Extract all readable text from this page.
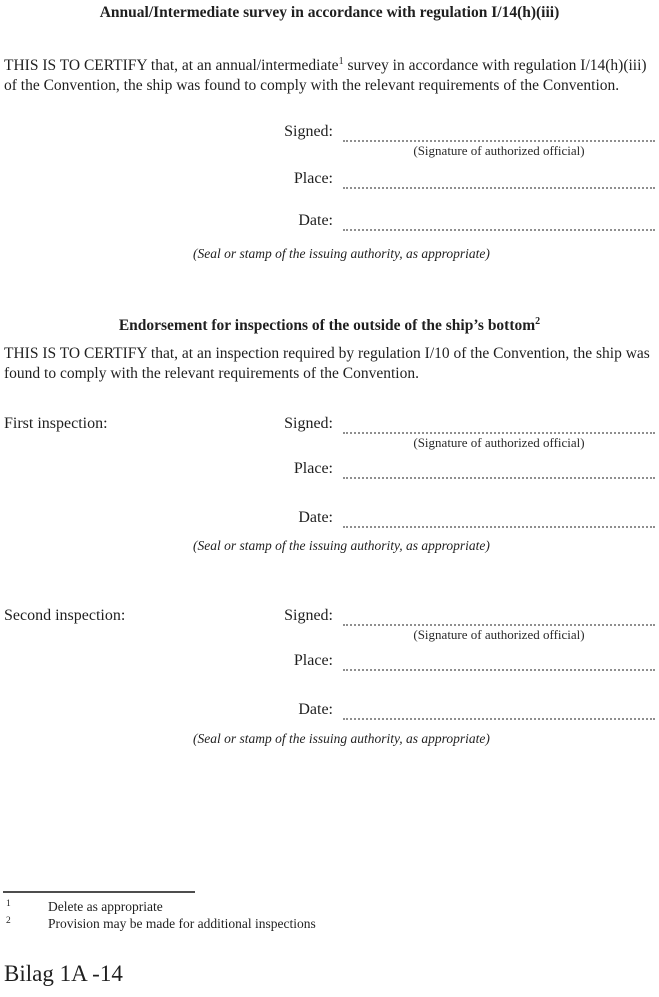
Annual/Intermediate survey in accordance with regulation I/14(h)(iii)
THIS IS TO CERTIFY that, at an annual/intermediate$^1$ survey in accordance with regulation I/14(h)(iii) of the Convention, the ship was found to comply with the relevant requirements of the Convention.
Signed:
(Signature of authorized official)
Place:
Date:
(Seal or stamp of the issuing authority, as appropriate)
Endorsement for inspections of the outside of the ship’s bottom$^2$
THIS IS TO CERTIFY that, at an inspection required by regulation I/10 of the Convention, the ship was found to comply with the relevant requirements of the Convention.
First inspection:	Signed:
(Signature of authorized official)
Place:
Date:
(Seal or stamp of the issuing authority, as appropriate)
Second inspection:	Signed:
(Signature of authorized official)
Place:
Date:
(Seal or stamp of the issuing authority, as appropriate)
1	Delete as appropriate
2	Provision may be made for additional inspections
Bilag 1A -14
